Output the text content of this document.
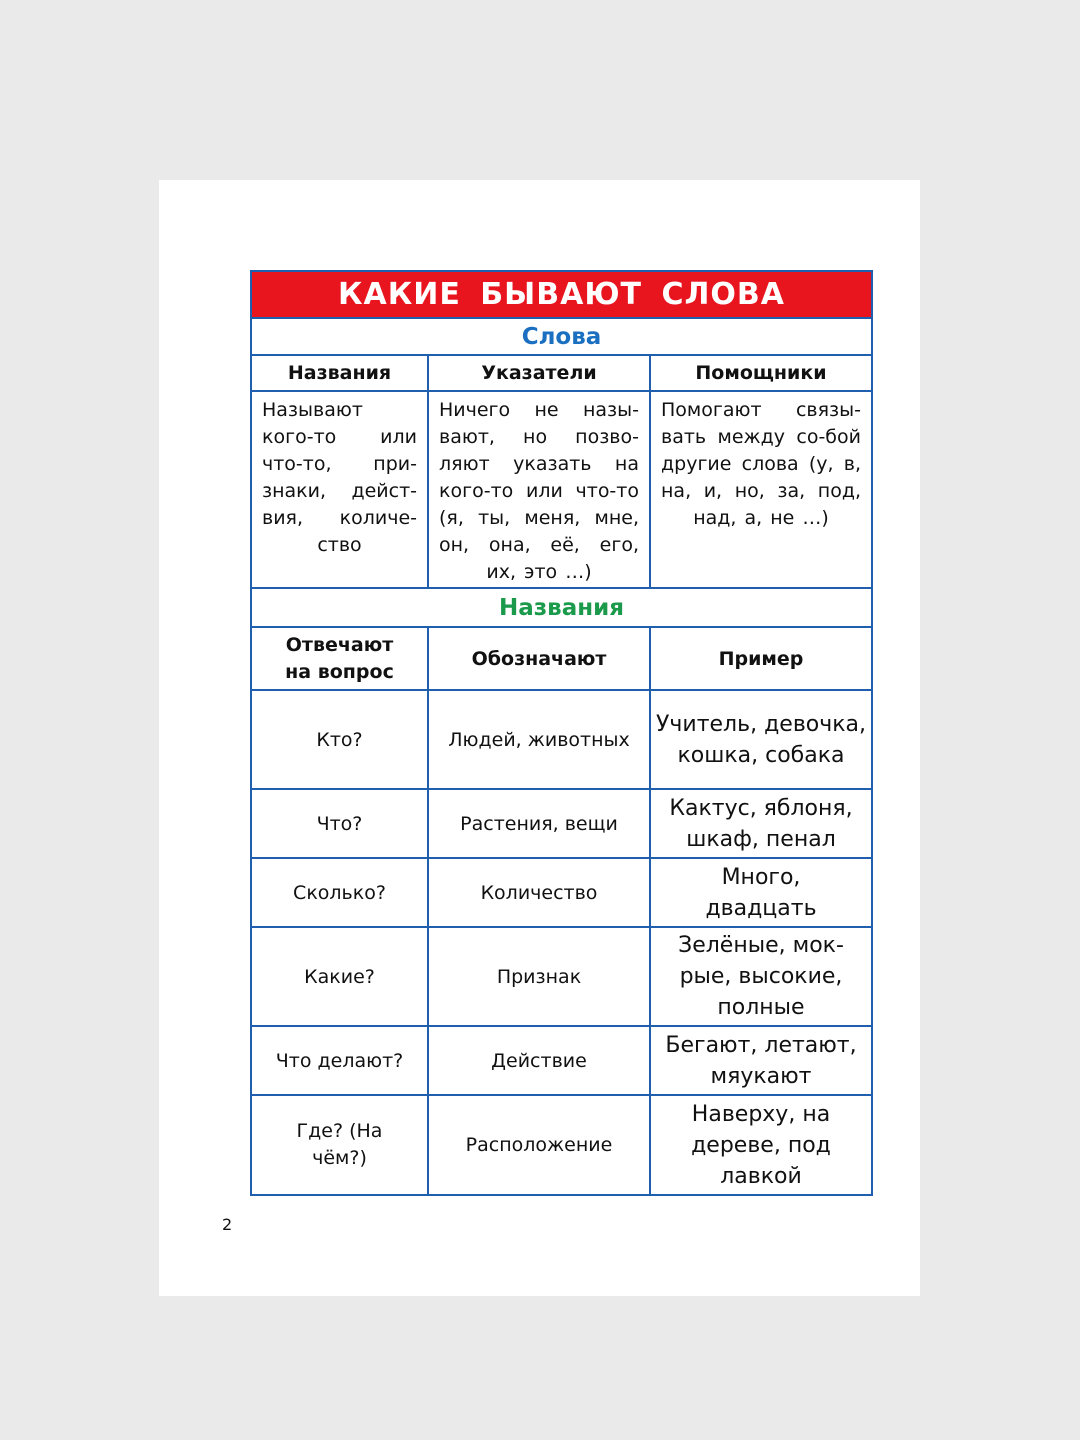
КАКИЕ БЫВАЮТ СЛОВА
Слова
Названия	Указатели	Помощники
Называют кого-то или что-то, при-знаки, дейст-вия, количе-ство	Ничего не назы-вают, но позво-ляют указать на кого-то или что-то (я, ты, меня, мне, он, она, её, его, их, это …)	Помогают связы-вать между со-бой другие слова (у, в, на, и, но, за, под, над, а, не …)
Названия
Отвечают на вопрос	Обозначают	Пример
Кто?	Людей, животных	Учитель, девочка, кошка, собака
Что?	Растения, вещи	Кактус, яблоня, шкаф, пенал
Сколько?	Количество	Много, двадцать
Какие?	Признак	Зелёные, мок-рые, высокие, полные
Что делают?	Действие	Бегают, летают, мяукают
Где? (На чём?)	Расположение	Наверху, на дереве, под лавкой
2
